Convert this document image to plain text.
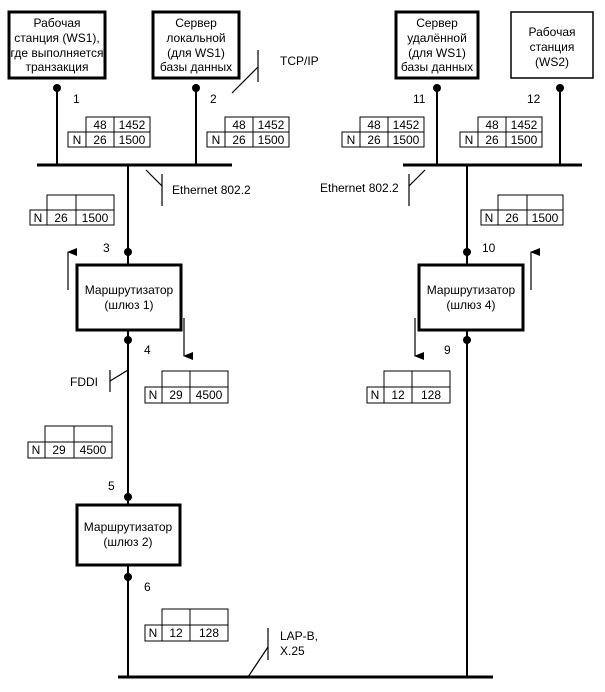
Рабочая
станция (WS1),
где выполняется
транзакция
Сервер
локальной
(для WS1)
базы данных
Сервер
удалённой
(для WS1)
базы данных
Рабочая
станция
(WS2)
Маршрутизатор
(шлюз 1)
Маршрутизатор
(шлюз 2)
Маршрутизатор
(шлюз 4)
1	2
3
4
5
6
9
10
11	12
TCP/IP
Ethernet 802.2	Ethernet 802.2
FDDI
LAP-B,
X.25
48 1452
N 26 1500
48 1452
N 26 1500
48 1452
N 26 1500
48 1452
N 26 1500
N 26 1500	N 26 1500
N 29 4500	N 12 128
N 29 4500
N 12 128
